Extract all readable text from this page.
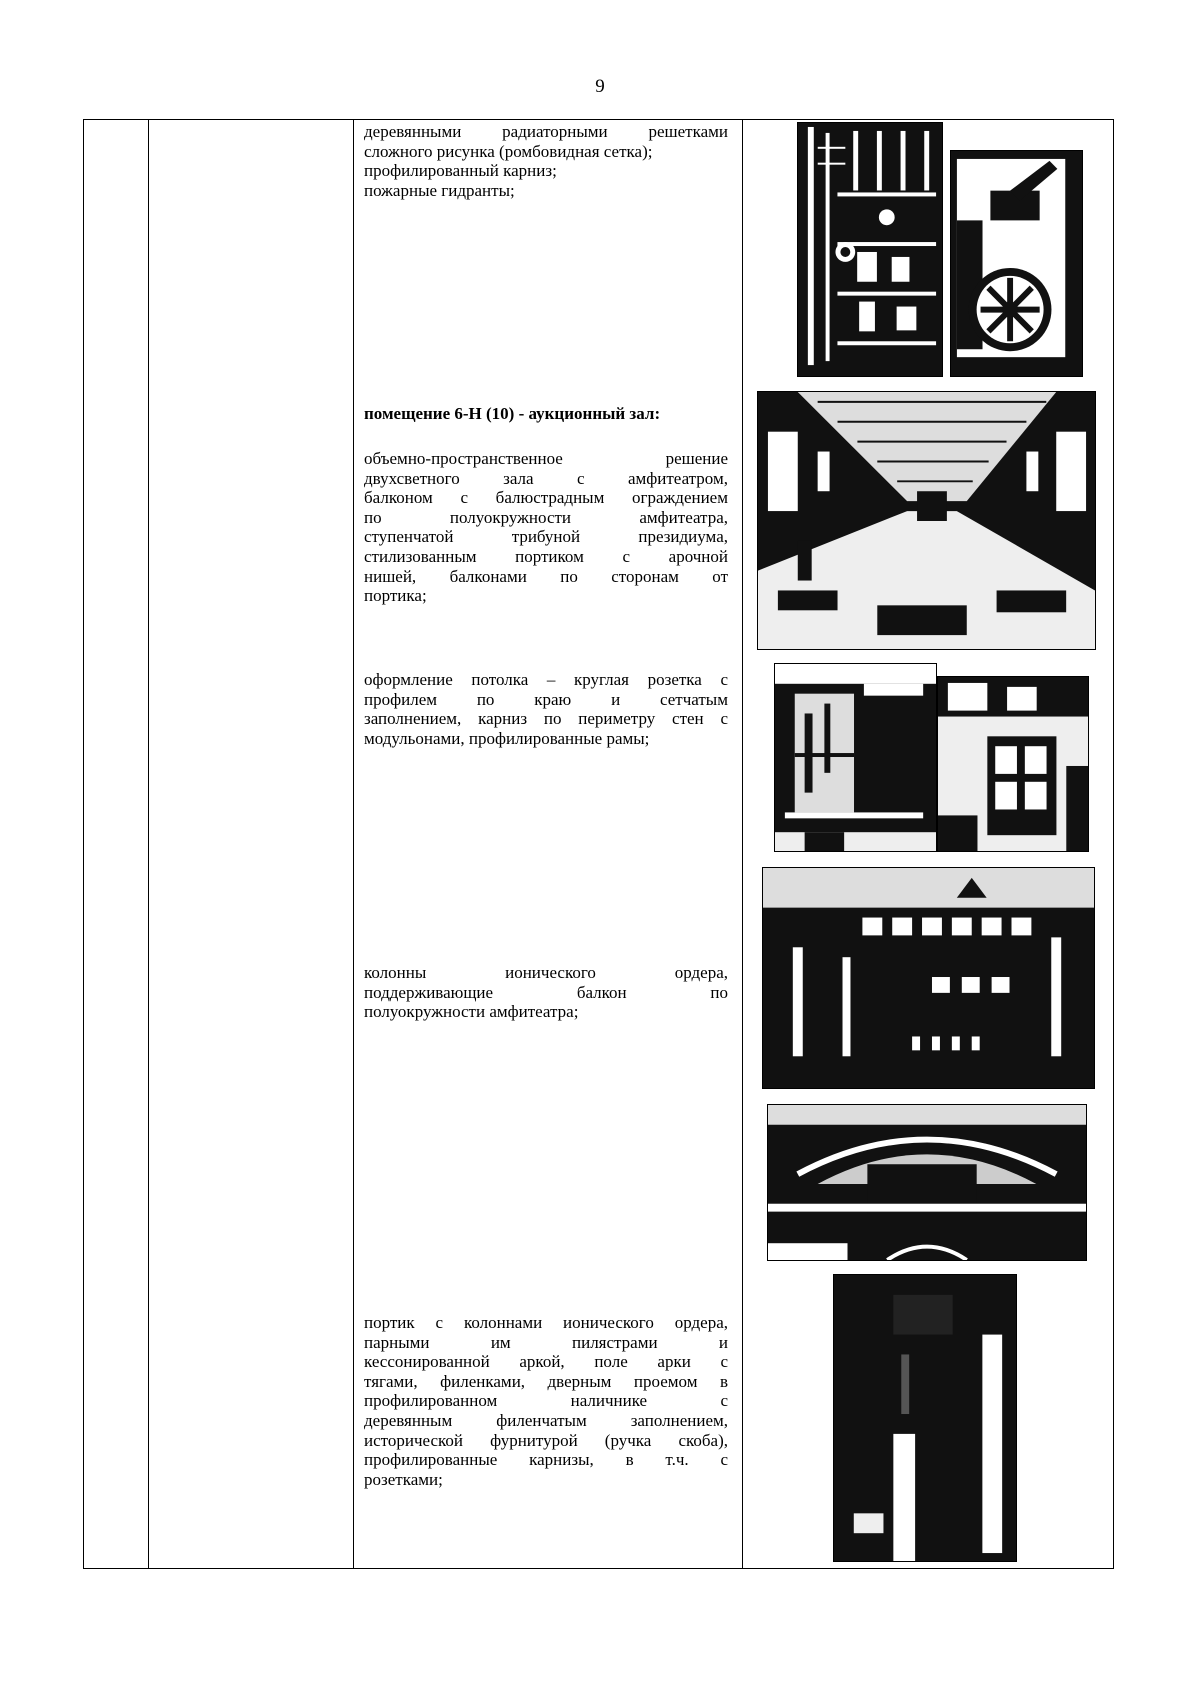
9
деревянными радиаторными решетками
сложного рисунка (ромбовидная сетка);
профилированный карниз;
пожарные гидранты;
помещение 6-Н (10) - аукционный зал:
объемно-пространственное решение
двухсветного зала с амфитеатром,
балконом с балюстрадным ограждением
по полуокружности амфитеатра,
ступенчатой трибуной президиума,
стилизованным портиком с арочной
нишей, балконами по сторонам от
портика;
оформление потолка – круглая розетка с
профилем по краю и сетчатым
заполнением, карниз по периметру стен с
модульонами, профилированные рамы;
колонны ионического ордера,
поддерживающие балкон по
полуокружности амфитеатра;
портик с колоннами ионического ордера,
парными им пилястрами и
кессонированной аркой, поле арки с
тягами, филенками, дверным проемом в
профилированном наличнике с
деревянным филенчатым заполнением,
исторической фурнитурой (ручка скоба),
профилированные карнизы, в т.ч. с
розетками;
